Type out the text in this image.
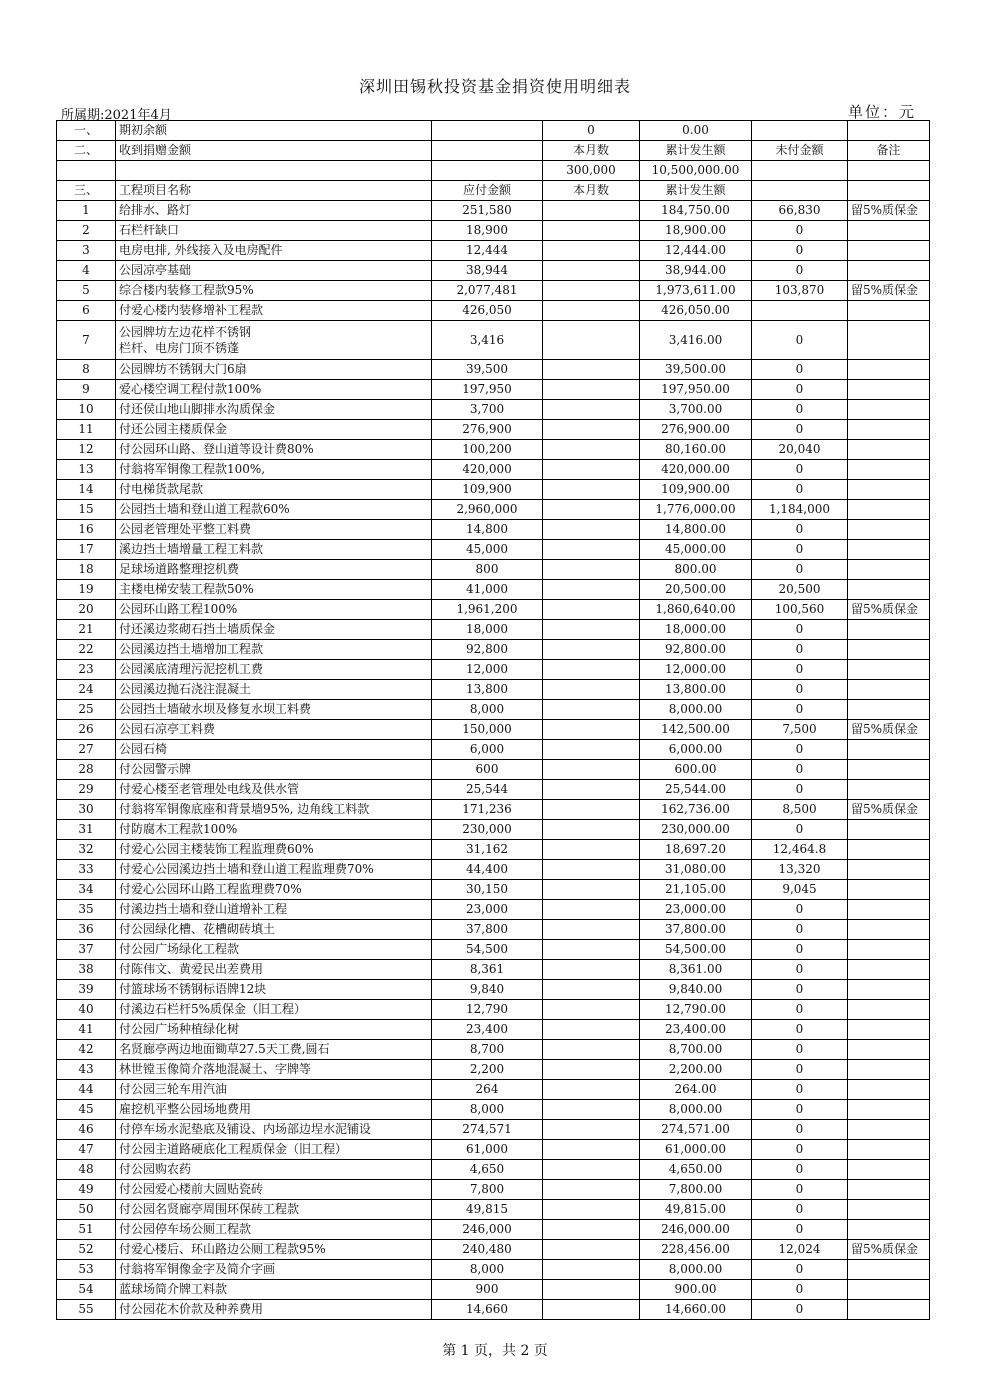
深圳田锡秋投资基金捐资使用明细表
所属期:2021年4月	单位：元
一、	期初余额		0	0.00		
二、	收到捐赠金额		本月数	累计发生额	未付金额	备注
			300,000	10,500,000.00		
三、	工程项目名称	应付金额	本月数	累计发生额		
1	给排水、路灯	251,580		184,750.00	66,830	留5%质保金
2	石栏杆缺口	18,900		18,900.00	0	
3	电房电排, 外线接入及电房配件	12,444		12,444.00	0	
4	公园凉亭基础	38,944		38,944.00	0	
5	综合楼内装修工程款95%	2,077,481		1,973,611.00	103,870	留5%质保金
6	付爱心楼内装修增补工程款	426,050		426,050.00		
7	公园牌坊左边花样不锈钢
栏杆、电房门顶不锈蓬	3,416		3,416.00	0	
8	公园牌坊不锈钢大门6扇	39,500		39,500.00	0	
9	爱心楼空调工程付款100%	197,950		197,950.00	0	
10	付还侯山地山脚排水沟质保金	3,700		3,700.00	0	
11	付还公园主楼质保金	276,900		276,900.00	0	
12	付公园环山路、登山道等设计费80%	100,200		80,160.00	20,040	
13	付翁将军铜像工程款100%,	420,000		420,000.00	0	
14	付电梯货款尾款	109,900		109,900.00	0	
15	公园挡土墙和登山道工程款60%	2,960,000		1,776,000.00	1,184,000	
16	公园老管理处平整工料费	14,800		14,800.00	0	
17	溪边挡土墙增量工程工料款	45,000		45,000.00	0	
18	足球场道路整理挖机费	800		800.00	0	
19	主楼电梯安装工程款50%	41,000		20,500.00	20,500	
20	公园环山路工程100%	1,961,200		1,860,640.00	100,560	留5%质保金
21	付还溪边浆砌石挡土墙质保金	18,000		18,000.00	0	
22	公园溪边挡土墙增加工程款	92,800		92,800.00	0	
23	公园溪底清理污泥挖机工费	12,000		12,000.00	0	
24	公园溪边抛石浇注混凝土	13,800		13,800.00	0	
25	公园挡土墙破水坝及修复水坝工料费	8,000		8,000.00	0	
26	公园石凉亭工料费	150,000		142,500.00	7,500	留5%质保金
27	公园石椅	6,000		6,000.00	0	
28	付公园警示牌	600		600.00	0	
29	付爱心楼至老管理处电线及供水管	25,544		25,544.00	0	
30	付翁将军铜像底座和背景墙95%, 边角线工料款	171,236		162,736.00	8,500	留5%质保金
31	付防腐木工程款100%	230,000		230,000.00	0	
32	付爱心公园主楼装饰工程监理费60%	31,162		18,697.20	12,464.8	
33	付爱心公园溪边挡土墙和登山道工程监理费70%	44,400		31,080.00	13,320	
34	付爱心公园环山路工程监理费70%	30,150		21,105.00	9,045	
35	付溪边挡土墙和登山道增补工程	23,000		23,000.00	0	
36	付公园绿化槽、花槽砌砖填土	37,800		37,800.00	0	
37	付公园广场绿化工程款	54,500		54,500.00	0	
38	付陈伟文、黄爱民出差费用	8,361		8,361.00	0	
39	付篮球场不锈钢标语牌12块	9,840		9,840.00	0	
40	付溪边石栏杆5%质保金（旧工程）	12,790		12,790.00	0	
41	付公园广场种植绿化树	23,400		23,400.00	0	
42	名贤廊亭两边地面锄草27.5天工费,圆石	8,700		8,700.00	0	
43	林世镗玉像简介落地混凝土、字牌等	2,200		2,200.00	0	
44	付公园三轮车用汽油	264		264.00	0	
45	雇挖机平整公园场地费用	8,000		8,000.00	0	
46	付停车场水泥垫底及铺设、内场部边埕水泥铺设	274,571		274,571.00	0	
47	付公园主道路硬底化工程质保金（旧工程）	61,000		61,000.00	0	
48	付公园购农药	4,650		4,650.00	0	
49	付公园爱心楼前大圆贴瓷砖	7,800		7,800.00	0	
50	付公园名贤廊亭周围环保砖工程款	49,815		49,815.00	0	
51	付公园停车场公厕工程款	246,000		246,000.00	0	
52	付爱心楼后、环山路边公厕工程款95%	240,480		228,456.00	12,024	留5%质保金
53	付翁将军铜像金字及简介字画	8,000		8,000.00	0	
54	蓝球场简介牌工料款	900		900.00	0	
55	付公园花木价款及种养费用	14,660		14,660.00	0	
第 1 页，共 2 页
